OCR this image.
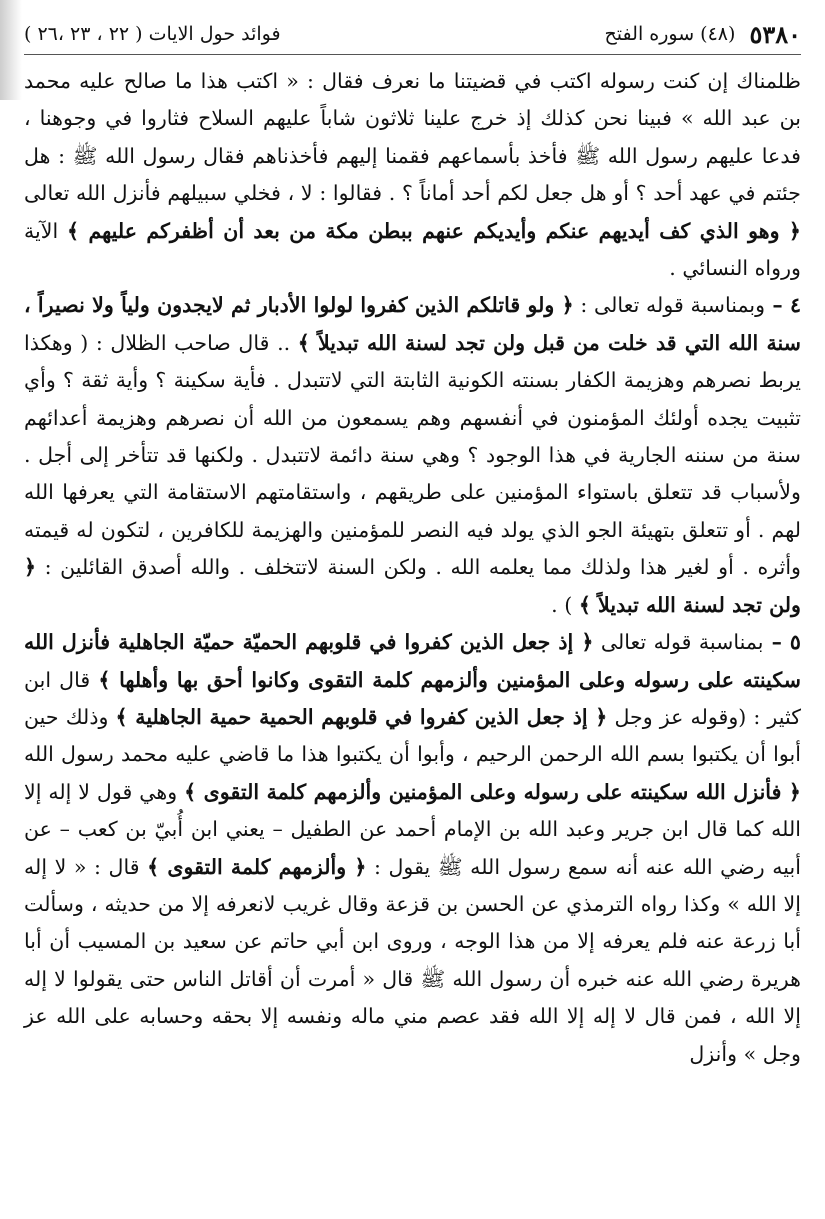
٥٣٨٠
(٤٨) سوره الفتح
فوائد حول الايات ( ٢٢ ، ٢٣ ،٢٦ )

ظلمناك إن كنت رسوله اكتب في قضيتنا ما نعرف فقال : « اكتب هذا ما صالح عليه محمد بن عبد الله » فبينا نحن كذلك إذ خرج علينا ثلاثون شاباً عليهم السلاح فثاروا في وجوهنا ، فدعا عليهم رسول الله ﷺ فأخذ بأسماعهم فقمنا إليهم فأخذناهم فقال رسول الله ﷺ : هل جئتم في عهد أحد ؟ أو هل جعل لكم أحد أماناً ؟ . فقالوا : لا ، فخلي سبيلهم فأنزل الله تعالى ﴿ وهو الذي كف أيديهم عنكم وأيديكم عنهم ببطن مكة من بعد أن أظفركم عليهم ﴾ الآية ورواه النسائي .

٤ – وبمناسبة قوله تعالى : ﴿ ولو قاتلكم الذين كفروا لولوا الأدبار ثم لايجدون ولياً ولا نصيراً ، سنة الله التي قد خلت من قبل ولن تجد لسنة الله تبديلاً ﴾ .. قال صاحب الظلال : ( وهكذا يربط نصرهم وهزيمة الكفار بسنته الكونية الثابتة التي لاتتبدل . فأية سكينة ؟ وأية ثقة ؟ وأي تثبيت يجده أولئك المؤمنون في أنفسهم وهم يسمعون من الله أن نصرهم وهزيمة أعدائهم سنة من سننه الجارية في هذا الوجود ؟ وهي سنة دائمة لاتتبدل . ولكنها قد تتأخر إلى أجل . ولأسباب قد تتعلق باستواء المؤمنين على طريقهم ، واستقامتهم الاستقامة التي يعرفها الله لهم . أو تتعلق بتهيئة الجو الذي يولد فيه النصر للمؤمنين والهزيمة للكافرين ، لتكون له قيمته وأثره . أو لغير هذا ولذلك مما يعلمه الله . ولكن السنة لاتتخلف . والله أصدق القائلين : ﴿ ولن تجد لسنة الله تبديلاً ﴾ ) .

٥ – بمناسبة قوله تعالى ﴿ إذ جعل الذين كفروا في قلوبهم الحميّة حميّة الجاهلية فأنزل الله سكينته على رسوله وعلى المؤمنين وألزمهم كلمة التقوى وكانوا أحق بها وأهلها ﴾ قال ابن كثير : (وقوله عز وجل ﴿ إذ جعل الذين كفروا في قلوبهم الحمية حمية الجاهلية ﴾ وذلك حين أبوا أن يكتبوا بسم الله الرحمن الرحيم ، وأبوا أن يكتبوا هذا ما قاضي عليه محمد رسول الله ﴿ فأنزل الله سكينته على رسوله وعلى المؤمنين وألزمهم كلمة التقوى ﴾ وهي قول لا إله إلا الله كما قال ابن جرير وعبد الله بن الإمام أحمد عن الطفيل – يعني ابن أُبيّ بن كعب – عن أبيه رضي الله عنه أنه سمع رسول الله ﷺ يقول : ﴿ وألزمهم كلمة التقوى ﴾ قال : « لا إله إلا الله » وكذا رواه الترمذي عن الحسن بن قزعة وقال غريب لانعرفه إلا من حديثه ، وسألت أبا زرعة عنه فلم يعرفه إلا من هذا الوجه ، وروى ابن أبي حاتم عن سعيد بن المسيب أن أبا هريرة رضي الله عنه خبره أن رسول الله ﷺ قال « أمرت أن أقاتل الناس حتى يقولوا لا إله إلا الله ، فمن قال لا إله إلا الله فقد عصم مني ماله ونفسه إلا بحقه وحسابه على الله عز وجل » وأنزل
